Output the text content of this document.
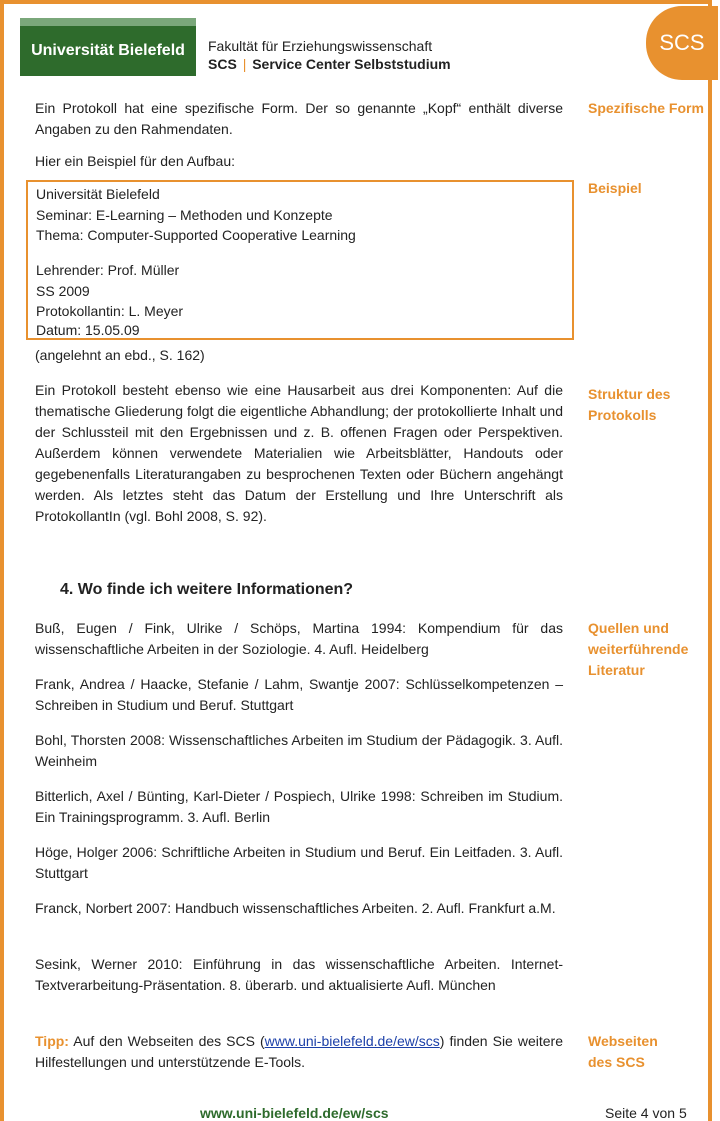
Universität Bielefeld Fakultät für Erziehungswissenschaft
SCS | Service Center Selbststudium
SCS
Ein Protokoll hat eine spezifische Form. Der so genannte „Kopf“ enthält diverse Angaben zu den Rahmendaten.
Hier ein Beispiel für den Aufbau:
Universität Bielefeld
Seminar: E-Learning – Methoden und Konzepte
Thema: Computer-Supported Cooperative Learning
Lehrender: Prof. Müller
SS 2009
Protokollantin: L. Meyer
Datum: 15.05.09
(angelehnt an ebd., S. 162)
Ein Protokoll besteht ebenso wie eine Hausarbeit aus drei Komponenten: Auf die thematische Gliederung folgt die eigentliche Abhandlung; der protokollierte Inhalt und der Schlussteil mit den Ergebnissen und z. B. offenen Fragen oder Perspektiven. Außerdem können verwendete Materialien wie Arbeitsblätter, Handouts oder gegebenenfalls Literaturangaben zu besprochenen Texten oder Büchern angehängt werden. Als letztes steht das Datum der Erstellung und Ihre Unterschrift als ProtokollantIn (vgl. Bohl 2008, S. 92).
4. Wo finde ich weitere Informationen?
Buß, Eugen / Fink, Ulrike / Schöps, Martina 1994: Kompendium für das wissenschaftliche Arbeiten in der Soziologie. 4. Aufl. Heidelberg
Frank, Andrea / Haacke, Stefanie / Lahm, Swantje 2007: Schlüsselkompetenzen – Schreiben in Studium und Beruf. Stuttgart
Bohl, Thorsten 2008: Wissenschaftliches Arbeiten im Studium der Pädagogik. 3. Aufl. Weinheim
Bitterlich, Axel / Bünting, Karl-Dieter / Pospiech, Ulrike 1998: Schreiben im Studium. Ein Trainingsprogramm. 3. Aufl. Berlin
Höge, Holger 2006: Schriftliche Arbeiten in Studium und Beruf. Ein Leitfaden. 3. Aufl. Stuttgart
Franck, Norbert 2007: Handbuch wissenschaftliches Arbeiten. 2. Aufl. Frankfurt a.M.
Sesink, Werner 2010: Einführung in das wissenschaftliche Arbeiten. Internet-Textverarbeitung-Präsentation. 8. überarb. und aktualisierte Aufl. München
Tipp: Auf den Webseiten des SCS (www.uni-bielefeld.de/ew/scs) finden Sie weitere Hilfestellungen und unterstützende E-Tools.
Spezifische Form
Beispiel
Struktur des
Protokolls
Quellen und
weiterführende
Literatur
Webseiten
des SCS
www.uni-bielefeld.de/ew/scs	Seite 4 von 5
